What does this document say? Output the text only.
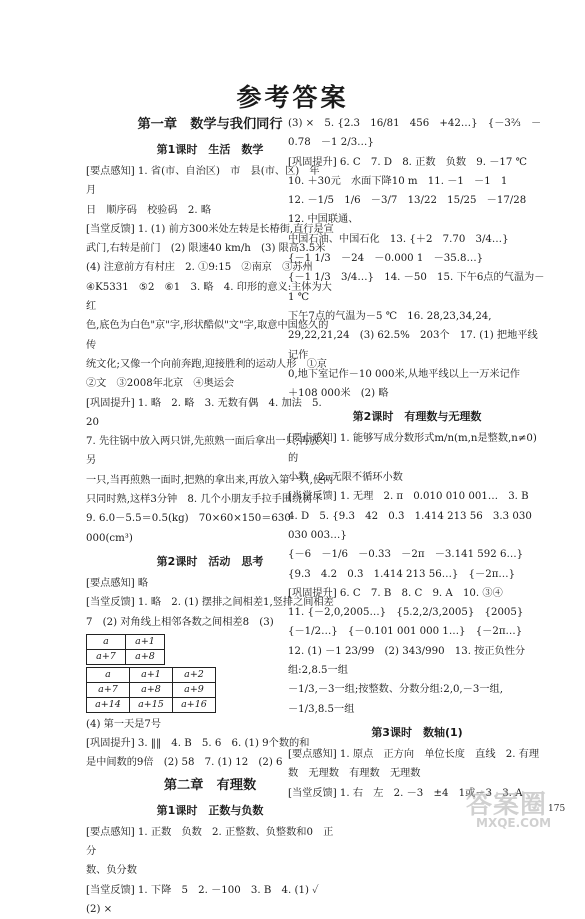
参考答案
第一章　数学与我们同行
第1课时　生活　数学

[要点感知] 1. 省(市、自治区)　市　县(市、区)　年　月

日　顺序码　校验码　2. 略

[当堂反馈] 1. (1) 前方300米处左转是长椿街,直行是宣

武门,右转是前门　(2) 限速40 km/h　(3) 限高3.5米

(4) 注意前方有村庄　2. ①9:15　②南京　③苏州

④K5331　⑤2　⑥1　3. 略　4. 印形的意义:主体为大红

色,底色为白色"京"字,形状酷似"文"字,取意中国悠久的传

统文化;又像一个向前奔跑,迎接胜利的运动人形　①京

②文　③2008年北京　④奥运会

[巩固提升] 1. 略　2. 略　3. 无数有偶　4. 加法　5. 20

7. 先往锅中放入两只饼,先煎熟一面后拿出一只,再放入另

一只,当再煎熟一面时,把熟的拿出来,再放入第一只,使两

只同时熟,这样3分钟　8. 几个小朋友手拉手围绕树干

9. 6.0－5.5＝0.5(kg)　70×60×150＝630 000(cm³)

第2课时　活动　思考

[要点感知] 略

[当堂反馈] 1. 略　2. (1) 摆排之间相差1,竖排之间相差

7　(2) 对角线上相邻各数之间相差8　(3)

a	a+1
a+7	a+8
a	a+1	a+2
a+7	a+8	a+9
a+14	a+15	a+16

(4) 第一天是7号

[巩固提升] 3. ‖‖　4. B　5. 6　6. (1) 9个数的和

是中间数的9倍　(2) 58　7. (1) 12　(2) 6

第二章　有理数
第1课时　正数与负数

[要点感知] 1. 正数　负数　2. 正整数、负整数和0　正分

数、负分数

[当堂反馈] 1. 下降　5　2. －100　3. B　4. (1) ✓　(2) ×

(3) ×　5. {2.3　16/81　456　+42…}　{－3⅔　－0.78　－1 2/3…}

[巩固提升] 6. C　7. D　8. 正数　负数　9. －17 ℃

10. ＋30元　水面下降10 m　11. －1　－1　1

12. －1/5　1/6　－3/7　13/22　15/25　－17/28　12. 中国联通、

中国石油、中国石化　13. {＋2　7.70　3/4…}

{－1 1/3　－24　－0.000 1　－35.8…}

{－1 1/3　3/4…}　14. －50　15. 下午6点的气温为－1 ℃

下午7点的气温为－5 ℃　16. 28,23,34,24,

29,22,21,24　(3) 62.5%　203个　17. (1) 把地平线记作

0,地下室记作－10 000米,从地平线以上一万米记作

＋108 000米　(2) 略

第2课时　有理数与无理数

[要点感知] 1. 能够写成分数形式m/n(m,n是整数,n≠0)的

小数　2. 无限不循环小数

[当堂反馈] 1. 无理　2. π　0.010 010 001…　3. B

4. D　5. {9.3　42　0.3̇　1.414 213 56　3.3 030 030 003…}

{－6　－1/6　－0.33　－2π　－3.141 592 6…}

{9.3　4.2　0.3̇　1.414 213 56…}　{－2π…}

[巩固提升] 6. C　7. B　8. C　9. A　10. ③④

11. {－2,0,2005…}　{5.2,2/3,2005}　{2005}

{－1/2…}　{－0.101 001 000 1…}　{－2π…}

12. (1) －1 23/99　(2) 343/990　13. 按正负性分组:2,8.5一组

－1/3,－3一组;按整数、分数分组:2,0,－3一组,

－1/3,8.5一组

第3课时　数轴(1)

[要点感知] 1. 原点　正方向　单位长度　直线　2. 有理

数　无理数　有理数　无理数

[当堂反馈] 1. 右　左　2. －3　±4　1或－3　3. A

答案圈
MXQE.COM
175
